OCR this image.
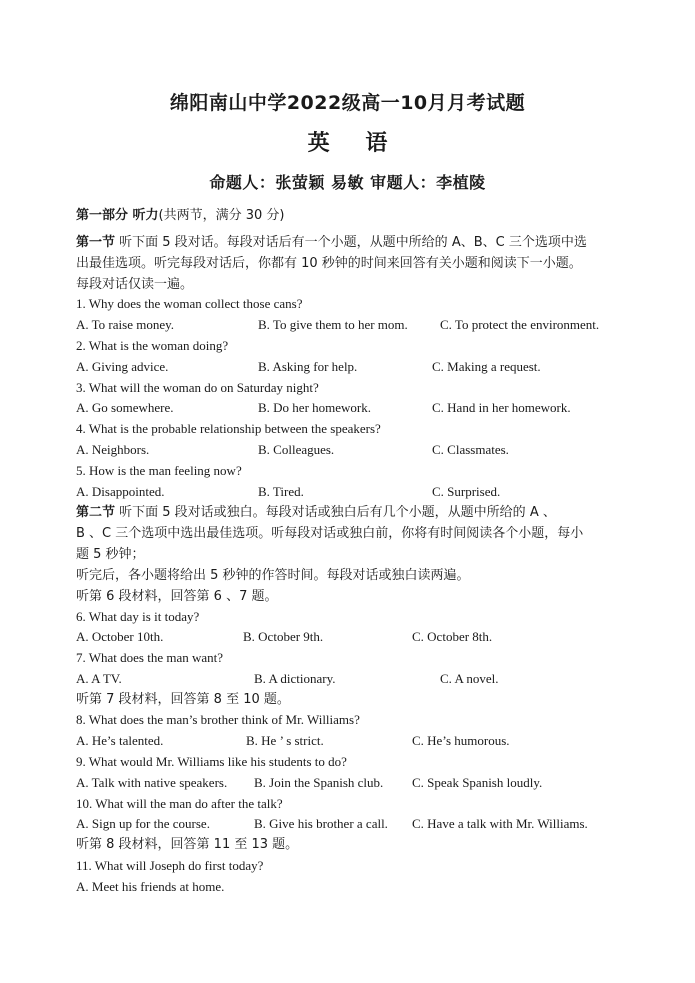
绵阳南山中学2022级高一10月月考试题
英 语
命题人：张萤颖 易敏 审题人：李植陵
第一部分 听力(共两节，满分 30 分)
第一节 听下面 5 段对话。每段对话后有一个小题，从题中所给的 A、B、C 三个选项中选
出最佳选项。听完每段对话后，你都有 10 秒钟的时间来回答有关小题和阅读下一小题。
每段对话仅读一遍。
1. Why does the woman collect those cans?
A. To raise money.	B. To give them to her mom. C. To protect the environment.
2. What is the woman doing?
A. Giving advice.	B. Asking for help.	C. Making a request.
3. What will the woman do on Saturday night?
A. Go somewhere.	B. Do her homework.	C. Hand in her homework.
4. What is the probable relationship between the speakers?
A. Neighbors.	B. Colleagues.	C. Classmates.
5. How is the man feeling now?
A. Disappointed.	B. Tired.	C. Surprised.
第二节 听下面 5 段对话或独白。每段对话或独白后有几个小题，从题中所给的 A 、
B 、C 三个选项中选出最佳选项。听每段对话或独白前，你将有时间阅读各个小题，每小
题 5 秒钟；
听完后，各小题将给出 5 秒钟的作答时间。每段对话或独白读两遍。
听第 6 段材料，回答第 6 、7 题。
6. What day is it today?
A. October 10th.	B. October 9th.	C. October 8th.
7. What does the man want?
A. A TV.	B. A dictionary.	C. A novel.
听第 7 段材料，回答第 8 至 10 题。
8. What does the man’s brother think of Mr. Williams?
A. He’s talented.	B. He ’ s strict.	C. He’s humorous.
9. What would Mr. Williams like his students to do?
A. Talk with native speakers. B. Join the Spanish club. C. Speak Spanish loudly.
10. What will the man do after the talk?
A. Sign up for the course.	B. Give his brother a call. C. Have a talk with Mr. Williams.
听第 8 段材料，回答第 11 至 13 题。
11. What will Joseph do first today?
A. Meet his friends at home.
